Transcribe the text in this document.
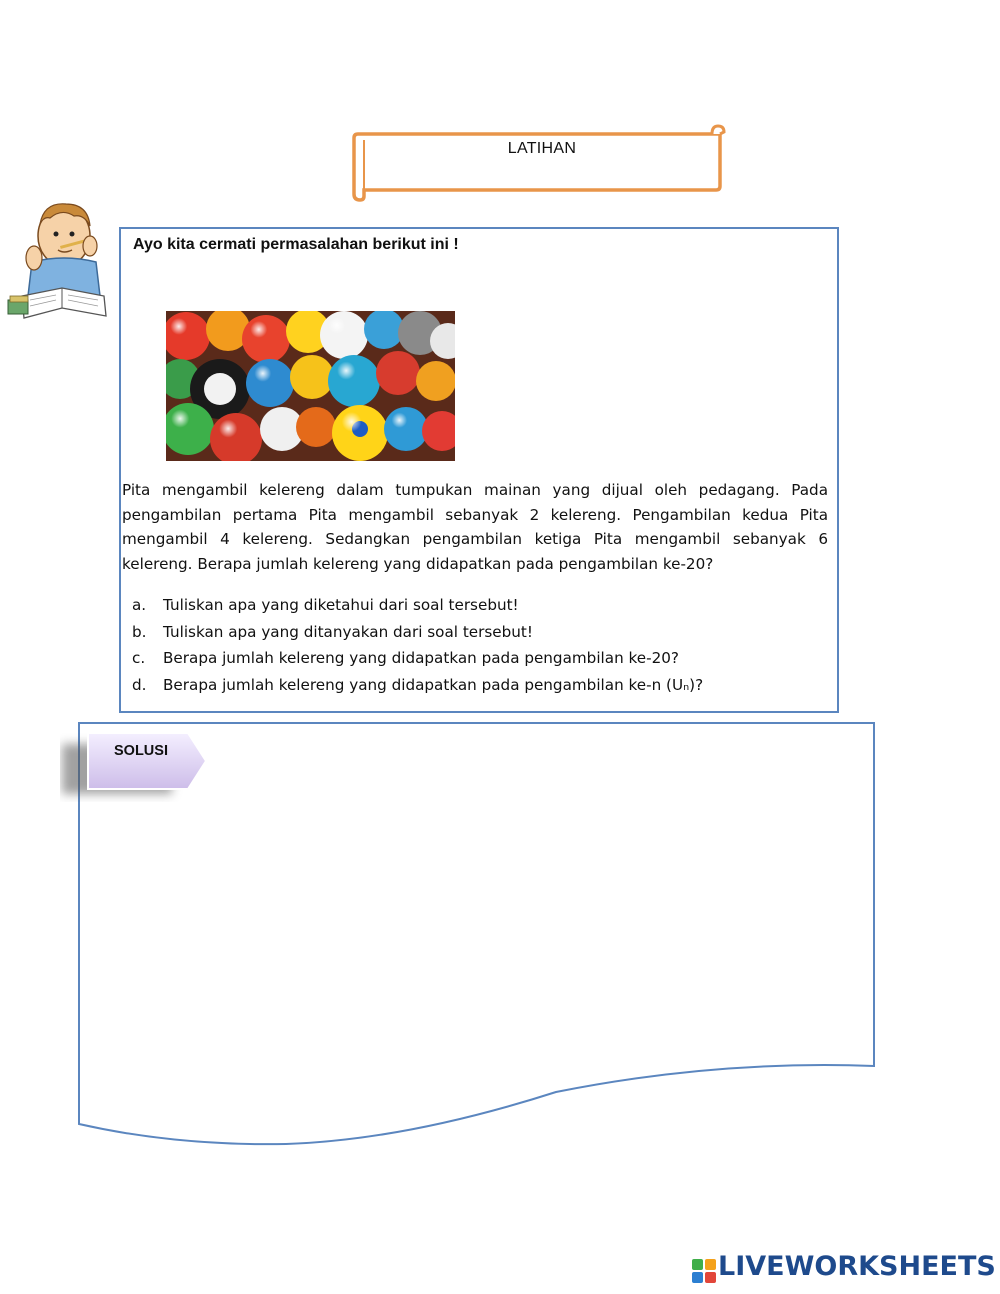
LATIHAN
Ayo kita cermati permasalahan berikut ini !
Pita mengambil kelereng dalam tumpukan mainan yang dijual oleh pedagang. Pada pengambilan pertama Pita mengambil sebanyak 2 kelereng. Pengambilan kedua Pita mengambil 4 kelereng. Sedangkan pengambilan ketiga Pita mengambil sebanyak 6 kelereng. Berapa jumlah kelereng yang didapatkan pada pengambilan ke-20?
a.	Tuliskan apa yang diketahui dari soal tersebut!
b.	Tuliskan apa yang ditanyakan dari soal tersebut!
c.	Berapa jumlah kelereng yang didapatkan pada pengambilan ke-20?
d.	Berapa jumlah kelereng yang didapatkan pada pengambilan ke-n (Uₙ)?
SOLUSI
LIVEWORKSHEETS
